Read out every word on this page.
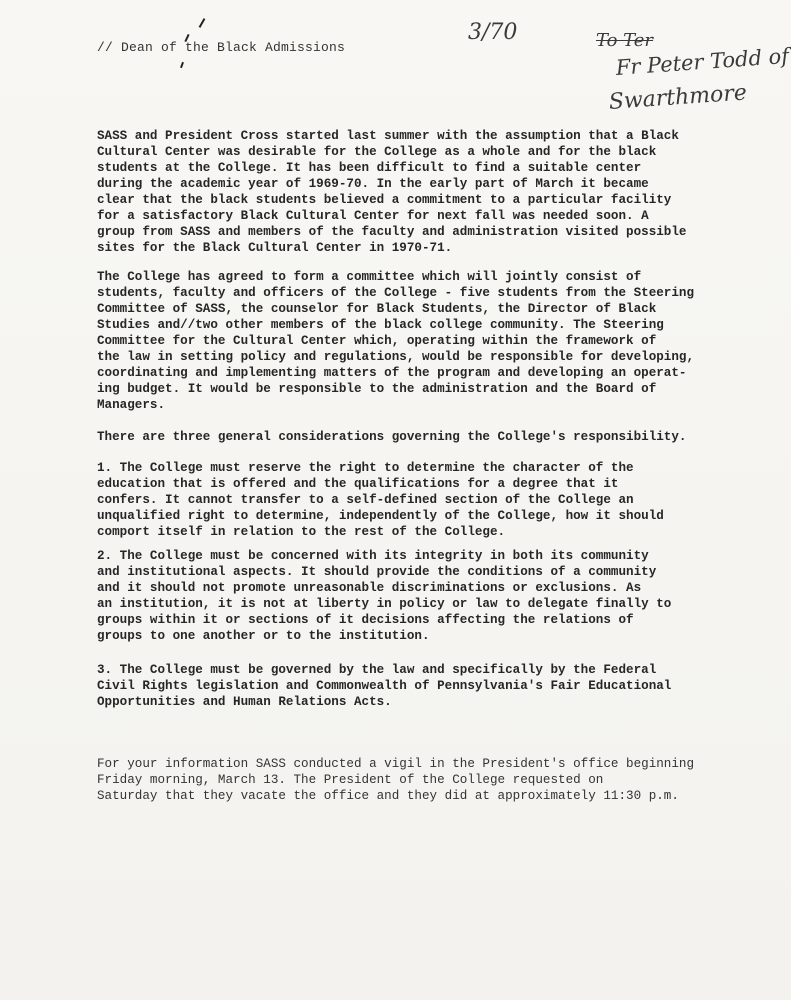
// Dean of the Black Admissions
3/70	To Ter
Fr Peter Todd of
Swarthmore
SASS and President Cross started last summer with the assumption that a Black
Cultural Center was desirable for the College as a whole and for the black
students at the College. It has been difficult to find a suitable center
during the academic year of 1969-70. In the early part of March it became
clear that the black students believed a commitment to a particular facility
for a satisfactory Black Cultural Center for next fall was needed soon. A
group from SASS and members of the faculty and administration visited possible
sites for the Black Cultural Center in 1970-71.
The College has agreed to form a committee which will jointly consist of
students, faculty and officers of the College - five students from the Steering
Committee of SASS, the counselor for Black Students, the Director of Black
Studies and//two other members of the black college community. The Steering
Committee for the Cultural Center which, operating within the framework of
the law in setting policy and regulations, would be responsible for developing,
coordinating and implementing matters of the program and developing an operat-
ing budget. It would be responsible to the administration and the Board of
Managers.
There are three general considerations governing the College's responsibility.
1. The College must reserve the right to determine the character of the
education that is offered and the qualifications for a degree that it
confers. It cannot transfer to a self-defined section of the College an
unqualified right to determine, independently of the College, how it should
comport itself in relation to the rest of the College.
2. The College must be concerned with its integrity in both its community
and institutional aspects. It should provide the conditions of a community
and it should not promote unreasonable discriminations or exclusions. As
an institution, it is not at liberty in policy or law to delegate finally to
groups within it or sections of it decisions affecting the relations of
groups to one another or to the institution.
3. The College must be governed by the law and specifically by the Federal
Civil Rights legislation and Commonwealth of Pennsylvania's Fair Educational
Opportunities and Human Relations Acts.
For your information SASS conducted a vigil in the President's office beginning
Friday morning, March 13. The President of the College requested on
Saturday that they vacate the office and they did at approximately 11:30 p.m.
